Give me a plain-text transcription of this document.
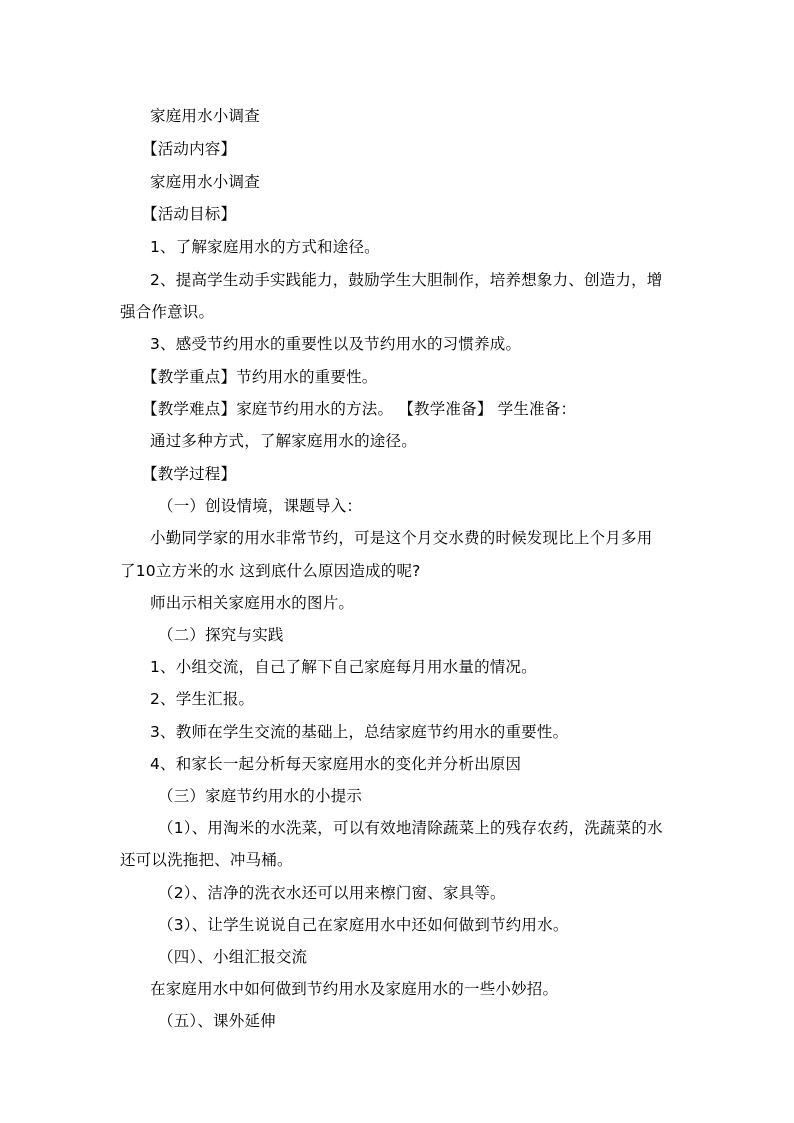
家庭用水小调查
【活动内容】
家庭用水小调查
【活动目标】
1、了解家庭用水的方式和途径。
2、提高学生动手实践能力，鼓励学生大胆制作，培养想象力、创造力，增
强合作意识。
3、感受节约用水的重要性以及节约用水的习惯养成。
【教学重点】节约用水的重要性。
【教学难点】家庭节约用水的方法。 【教学准备】 学生准备：
通过多种方式，了解家庭用水的途径。
【教学过程】
（一）创设情境，课题导入：
小勤同学家的用水非常节约，可是这个月交水费的时候发现比上个月多用
了10立方米的水 这到底什么原因造成的呢?
师出示相关家庭用水的图片。
（二）探究与实践
1、小组交流，自己了解下自己家庭每月用水量的情况。
2、学生汇报。
3、教师在学生交流的基础上，总结家庭节约用水的重要性。
4、和家长一起分析每天家庭用水的变化并分析出原因
（三）家庭节约用水的小提示
（1）、用淘米的水洗菜，可以有效地清除蔬菜上的残存农药，洗蔬菜的水
还可以洗拖把、冲马桶。
（2）、洁净的洗衣水还可以用来檫门窗、家具等。
（3）、让学生说说自己在家庭用水中还如何做到节约用水。
（四）、小组汇报交流
在家庭用水中如何做到节约用水及家庭用水的一些小妙招。
（五）、课外延伸
